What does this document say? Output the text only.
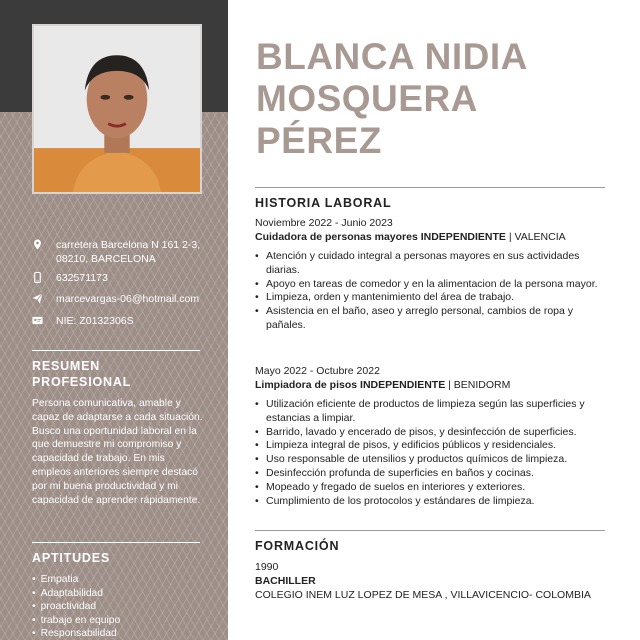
carretera Barcelona N 161 2-3, 08210, BARCELONA
632571173
marcevargas-06@hotmail.com
NIE: Z0132306S
RESUMEN PROFESIONAL
Persona comunicativa, amable y capaz de adaptarse a cada situación. Busco una oportunidad laboral en la que demuestre mi compromiso y capacidad de trabajo. En mis empleos anteriores siempre destacó por mi buena productividad y mi capacidad de aprender rápidamente.
APTITUDES
• Empatia
• Adaptabilidad
• proactividad
• trabajo en equipo
• Responsabilidad
BLANCA NIDIA
MOSQUERA
PÉREZ
HISTORIA LABORAL
Noviembre 2022 - Junio 2023
Cuidadora de personas mayores INDEPENDIENTE | VALENCIA
• Atención y cuidado integral a personas mayores en sus actividades diarias.
• Apoyo en tareas de comedor y en la alimentacion de la persona mayor.
• Limpieza, orden y mantenimiento del área de trabajo.
• Asistencia en el baño, aseo y arreglo personal, cambios de ropa y pañales.
Mayo 2022 - Octubre 2022
Limpiadora de pisos INDEPENDIENTE | BENIDORM
• Utilización eficiente de productos de limpieza según las superficies y estancias a limpiar.
• Barrido, lavado y encerado de pisos, y desinfección de superficies.
• Limpieza integral de pisos, y edificios públicos y residenciales.
• Uso responsable de utensilios y productos químicos de limpieza.
• Desinfección profunda de superficies en baños y cocinas.
• Mopeado y fregado de suelos en interiores y exteriores.
• Cumplimiento de los protocolos y estándares de limpieza.
FORMACIÓN
1990
BACHILLER
COLEGIO INEM LUZ LOPEZ DE MESA , VILLAVICENCIO- COLOMBIA
